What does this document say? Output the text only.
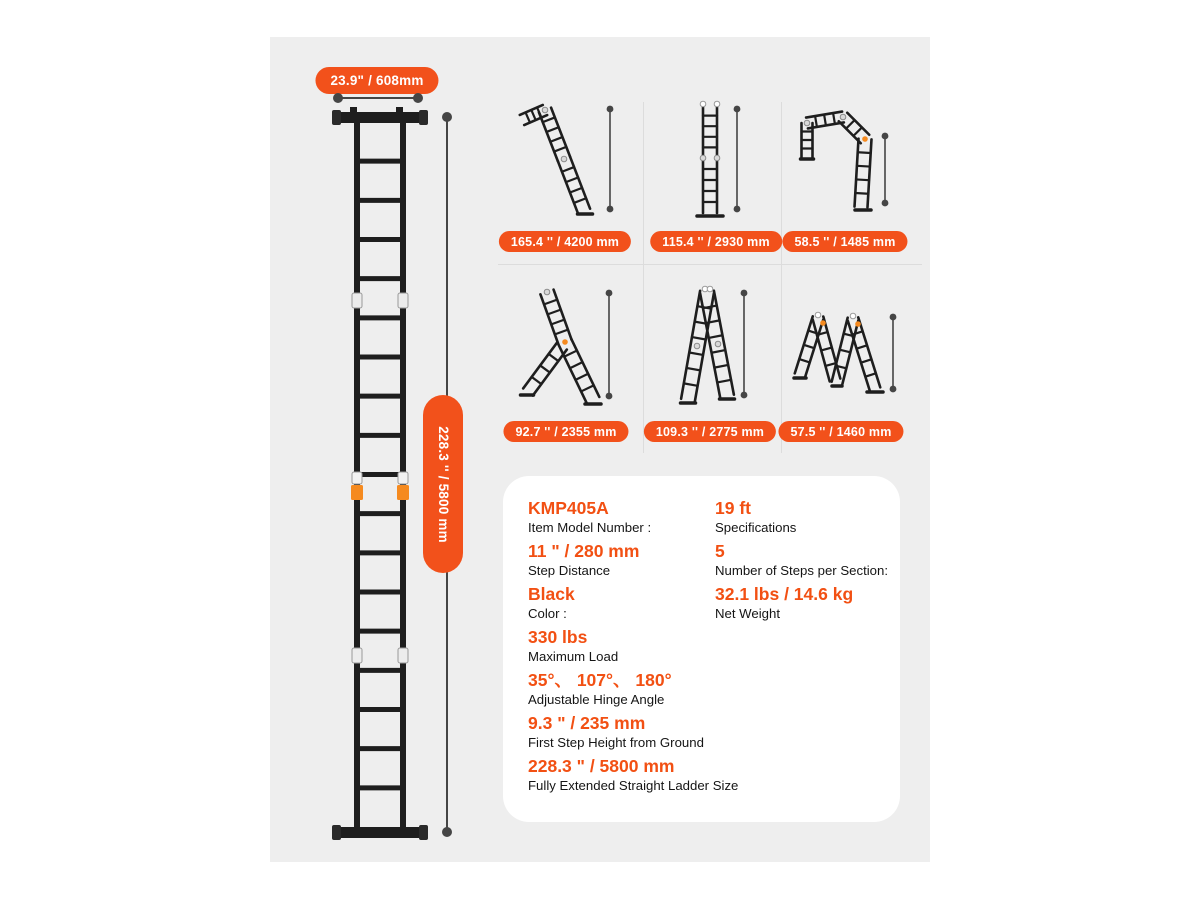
23.9" / 608mm
228.3 '' / 5800 mm
165.4 '' / 4200 mm	115.4 '' / 2930 mm	58.5 '' / 1485 mm
92.7 '' / 2355 mm	109.3 '' / 2775 mm	57.5 '' / 1460 mm
KMP405A
Item Model Number :
11 " / 280 mm
Step Distance
Black
Color :
330 lbs
Maximum Load
35°、 107°、 180°
Adjustable Hinge Angle
9.3 " / 235 mm
First Step Height from Ground
228.3 " / 5800 mm
Fully Extended Straight Ladder Size
19 ft
Specifications
5
Number of Steps per Section:
32.1 lbs / 14.6 kg
Net Weight
